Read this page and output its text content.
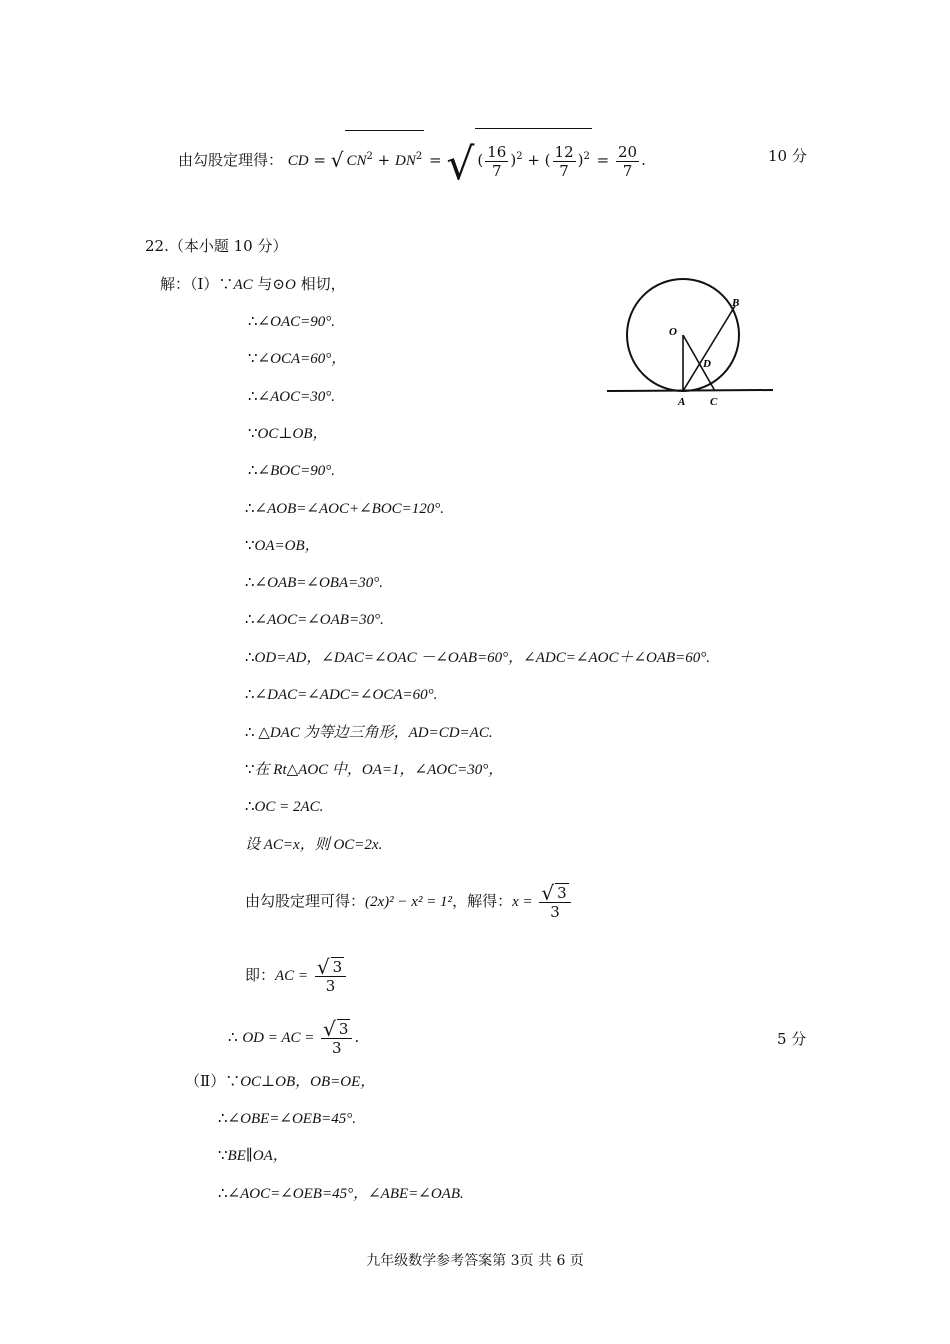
由勾股定理得： CD = √ $CN^2 + DN^2$ = √ ( $\frac{16}{7} )^2$ + ( $\frac{12}{7} )^2 = \frac{20}{7}$ .	10 分
22.（本小题 10 分）
解：（Ⅰ）∵AC 与⊙O 相切，
∴∠OAC=90°.
∵∠OCA=60°，
∴∠AOC=30°.
∵OC⊥OB，
∴∠BOC=90°.
∴∠AOB=∠AOC+∠BOC=120°.
∵OA=OB，
∴∠OAB=∠OBA=30°.
∴∠AOC=∠OAB=30°.
∴OD=AD，∠DAC=∠OAC －∠OAB=60°，∠ADC=∠AOC＋∠OAB=60°.
∴∠DAC=∠ADC=∠OCA=60°.
∴ △DAC 为等边三角形，AD=CD=AC.
∵在 Rt△AOC 中，OA=1，∠AOC=30°，
∴OC = 2AC.
设 AC=x，则 OC=2x.
由勾股定理可得：(2x)² − x² = 1²，解得：$x = \frac{√ 3}{3}$
即：AC = $\frac{√ 3}{3}$
∴ OD = AC = $\frac{√ 3}{3}$ .	5 分
（Ⅱ）∵OC⊥OB，OB=OE，
∴∠OBE=∠OEB=45°.
∵BE∥OA，
∴∠AOC=∠OEB=45°，∠ABE=∠OAB.
O
B
D
A C
九年级数学参考答案第 3页 共 6 页
